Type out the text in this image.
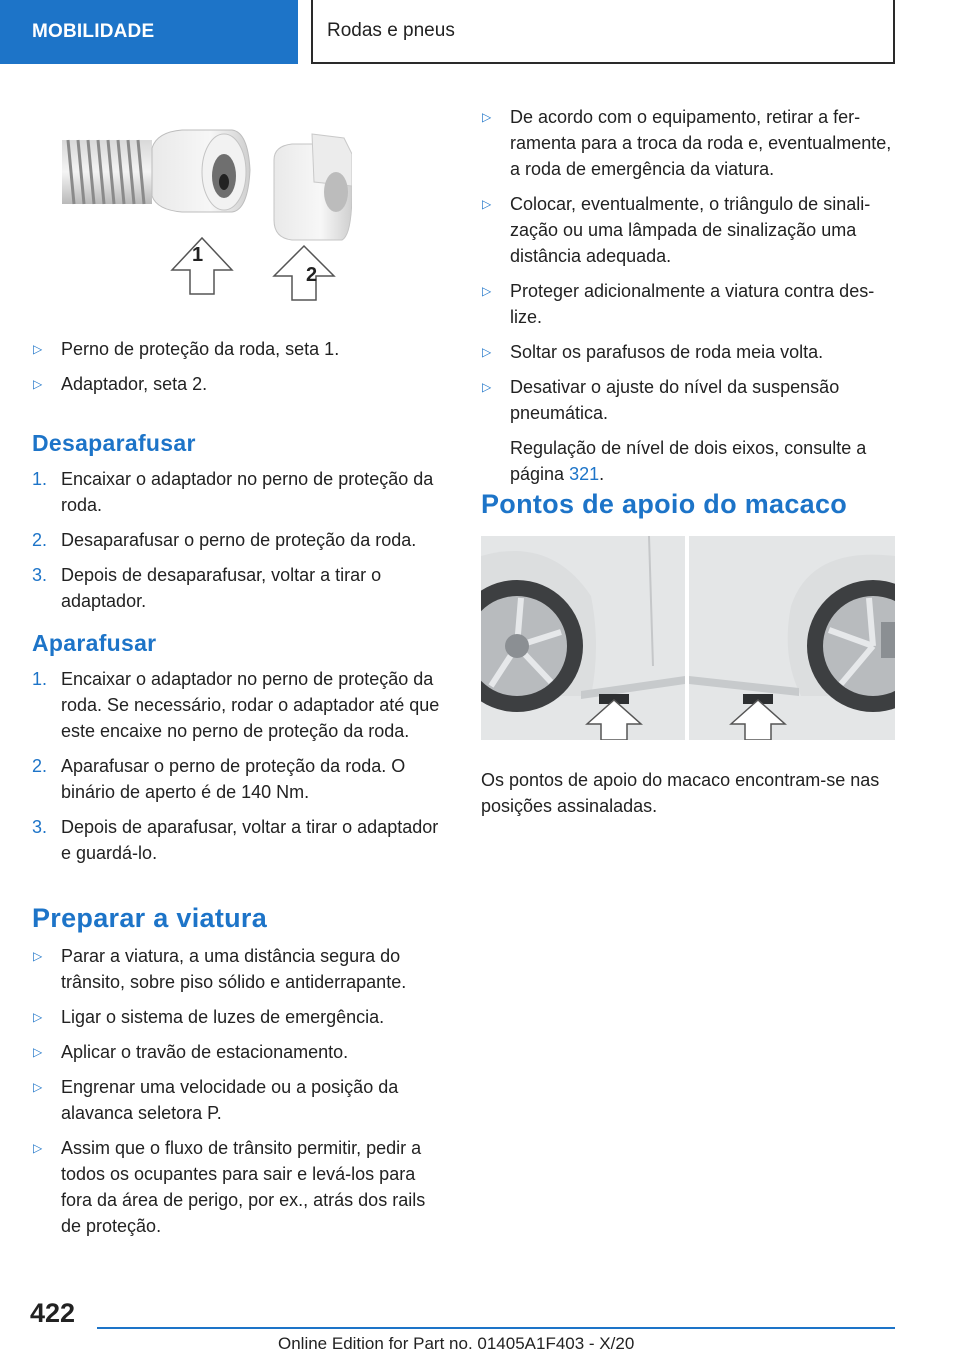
MOBILIDADE	Rodas e pneus
1
2
▷ Perno de proteção da roda, seta 1.
▷ Adaptador, seta 2.
Desaparafusar
1. Encaixar o adaptador no perno de proteção da roda.
2. Desaparafusar o perno de proteção da roda.
3. Depois de desaparafusar, voltar a tirar o adaptador.
Aparafusar
1. Encaixar o adaptador no perno de proteção da roda. Se necessário, rodar o adaptador até que este encaixe no perno de proteção da roda.
2. Aparafusar o perno de proteção da roda. O binário de aperto é de 140 Nm.
3. Depois de aparafusar, voltar a tirar o adaptador e guardá-lo.
Preparar a viatura
▷ Parar a viatura, a uma distância segura do trânsito, sobre piso sólido e antiderrapante.
▷ Ligar o sistema de luzes de emergência.
▷ Aplicar o travão de estacionamento.
▷ Engrenar uma velocidade ou a posição da alavanca seletora P.
▷ Assim que o fluxo de trânsito permitir, pedir a todos os ocupantes para sair e levá-los para fora da área de perigo, por ex., atrás dos rails de proteção.
▷ De acordo com o equipamento, retirar a ferramenta para a troca da roda e, eventualmente, a roda de emergência da viatura.
▷ Colocar, eventualmente, o triângulo de sinalização ou uma lâmpada de sinalização uma distância adequada.
▷ Proteger adicionalmente a viatura contra deslize.
▷ Soltar os parafusos de roda meia volta.
▷ Desativar o ajuste do nível da suspensão pneumática.
Regulação de nível de dois eixos, consulte a página 321.
Pontos de apoio do macaco

Os pontos de apoio do macaco encontram-se nas posições assinaladas.

422
Online Edition for Part no. 01405A1F403 - X/20
